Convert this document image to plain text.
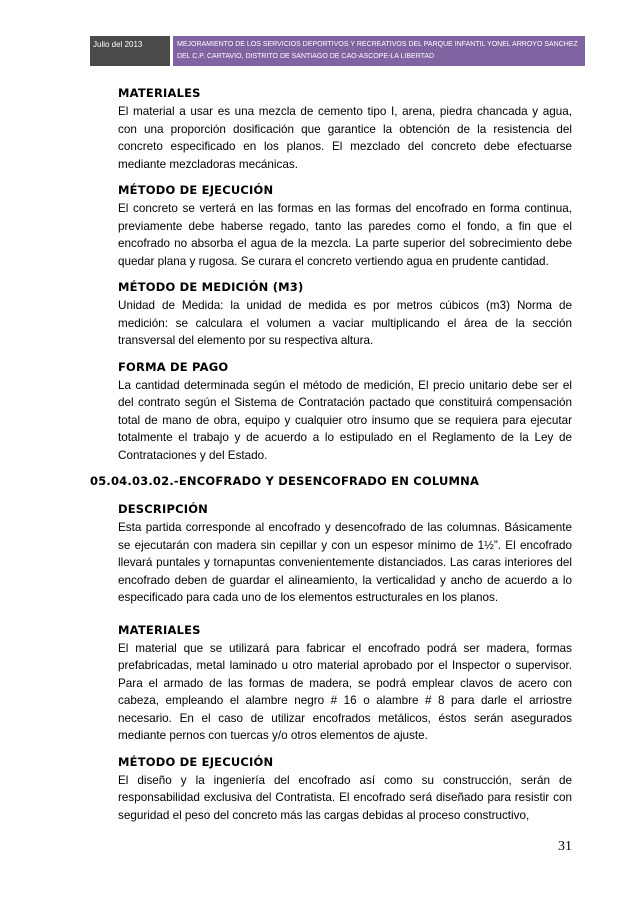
Julio del 2013	MEJORAMIENTO DE LOS SERVICIOS DEPORTIVOS Y RECREATIVOS DEL PARQUE INFANTIL YONEL ARROYO SANCHEZ DEL C.P. CARTAVIO, DISTRITO DE SANTIAGO DE CAO-ASCOPE-LA LIBERTAD
MATERIALES

El material a usar es una mezcla de cemento tipo I, arena, piedra chancada y agua, con una proporción dosificación que garantice la obtención de la resistencia del concreto especificado en los planos. El mezclado del concreto debe efectuarse mediante mezcladoras mecánicas.

MÉTODO DE EJECUCIÓN

El concreto se verterá en las formas en las formas del encofrado en forma continua, previamente debe haberse regado, tanto las paredes como el fondo, a fin que el encofrado no absorba el agua de la mezcla. La parte superior del sobrecimiento debe quedar plana y rugosa. Se curara el concreto vertiendo agua en prudente cantidad.

MÉTODO DE MEDICIÓN (M3)

Unidad de Medida: la unidad de medida es por metros cúbicos (m3) Norma de medición: se calculara el volumen a vaciar multiplicando el área de la sección transversal del elemento por su respectiva altura.

FORMA DE PAGO

La cantidad determinada según el método de medición, El precio unitario debe ser el del contrato según el Sistema de Contratación pactado que constituirá compensación total de mano de obra, equipo y cualquier otro insumo que se requiera para ejecutar totalmente el trabajo y de acuerdo a lo estipulado en el Reglamento de la Ley de Contrataciones y del Estado.

05.04.03.02.-ENCOFRADO Y DESENCOFRADO EN COLUMNA
DESCRIPCIÓN

Esta partida corresponde al encofrado y desencofrado de las columnas. Básicamente se ejecutarán con madera sin cepillar y con un espesor mínimo de 1½”. El encofrado llevará puntales y tornapuntas convenientemente distanciados. Las caras interiores del encofrado deben de guardar el alineamiento, la verticalidad y ancho de acuerdo a lo especificado para cada uno de los elementos estructurales en los planos.

MATERIALES

El material que se utilizará para fabricar el encofrado podrá ser madera, formas prefabricadas, metal laminado u otro material aprobado por el Inspector o supervisor. Para el armado de las formas de madera, se podrá emplear clavos de acero con cabeza, empleando el alambre negro # 16 o alambre # 8 para darle el arriostre necesario. En el caso de utilizar encofrados metálicos, éstos serán asegurados mediante pernos con tuercas y/o otros elementos de ajuste.

MÉTODO DE EJECUCIÓN

El diseño y la ingeniería del encofrado así como su construcción, serán de responsabilidad exclusiva del Contratista. El encofrado será diseñado para resistir con seguridad el peso del concreto más las cargas debidas al proceso constructivo,

31
